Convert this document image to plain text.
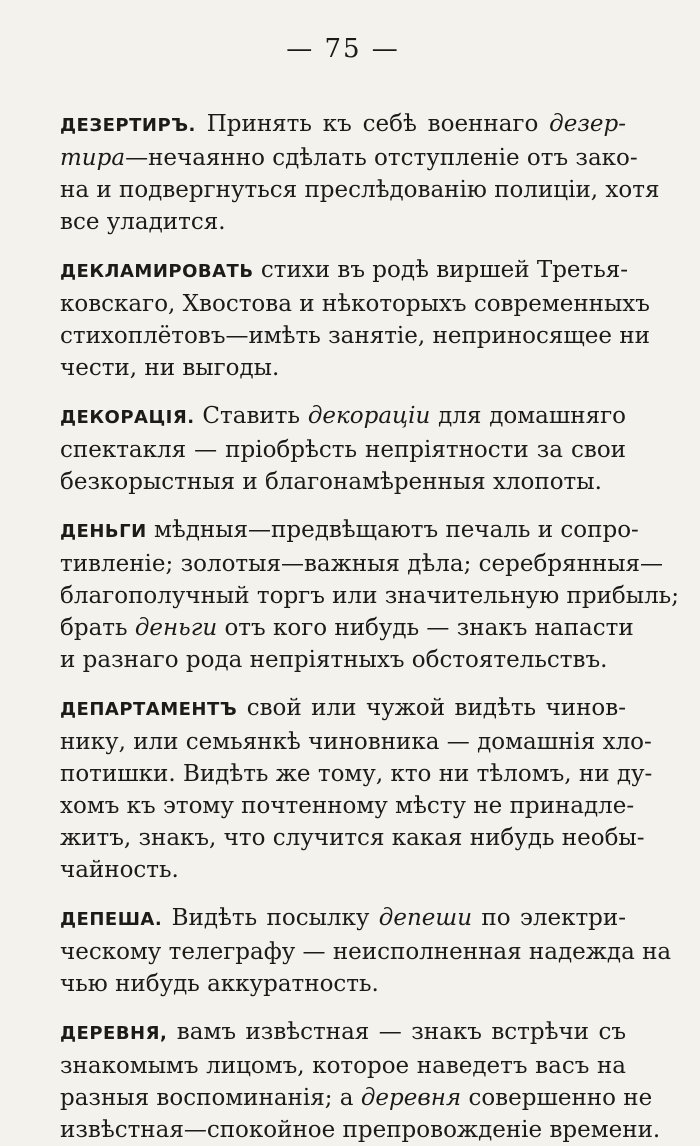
— 75 —
ДЕЗЕРТИРЪ. Принять къ себѣ военнаго дезер-
тира—нечаянно сдѣлать отступленіе отъ зако-
на и подвергнуться преслѣдованію полиціи, хотя
все уладится.
ДЕКЛАМИРОВАТЬ стихи въ родѣ виршей Третья-
ковскаго, Хвостова и нѣкоторыхъ современныхъ
стихоплётовъ—имѣть занятіе, неприносящее ни
чести, ни выгоды.
ДЕКОРАЦІЯ. Ставить декораціи для домашняго
спектакля — пріобрѣсть непріятности за свои
безкорыстныя и благонамѣренныя хлопоты.
ДЕНЬГИ мѣдныя—предвѣщаютъ печаль и сопро-
тивленіе; золотыя—важныя дѣла; серебрянныя—
благополучный торгъ или значительную прибыль;
брать деньги отъ кого нибудь — знакъ напасти
и разнаго рода непріятныхъ обстоятельствъ.
ДЕПАРТАМЕНТЪ свой или чужой видѣть чинов-
нику, или семьянкѣ чиновника — домашнія хло-
потишки. Видѣть же тому, кто ни тѣломъ, ни ду-
хомъ къ этому почтенному мѣсту не принадле-
житъ, знакъ, что случится какая нибудь необы-
чайность.
ДЕПЕША. Видѣть посылку депеши по электри-
ческому телеграфу — неисполненная надежда на
чью нибудь аккуратность.
ДЕРЕВНЯ, вамъ извѣстная — знакъ встрѣчи съ
знакомымъ лицомъ, которое наведетъ васъ на
разныя воспоминанія; а деревня совершенно не
извѣстная—спокойное препровожденіе времени.
